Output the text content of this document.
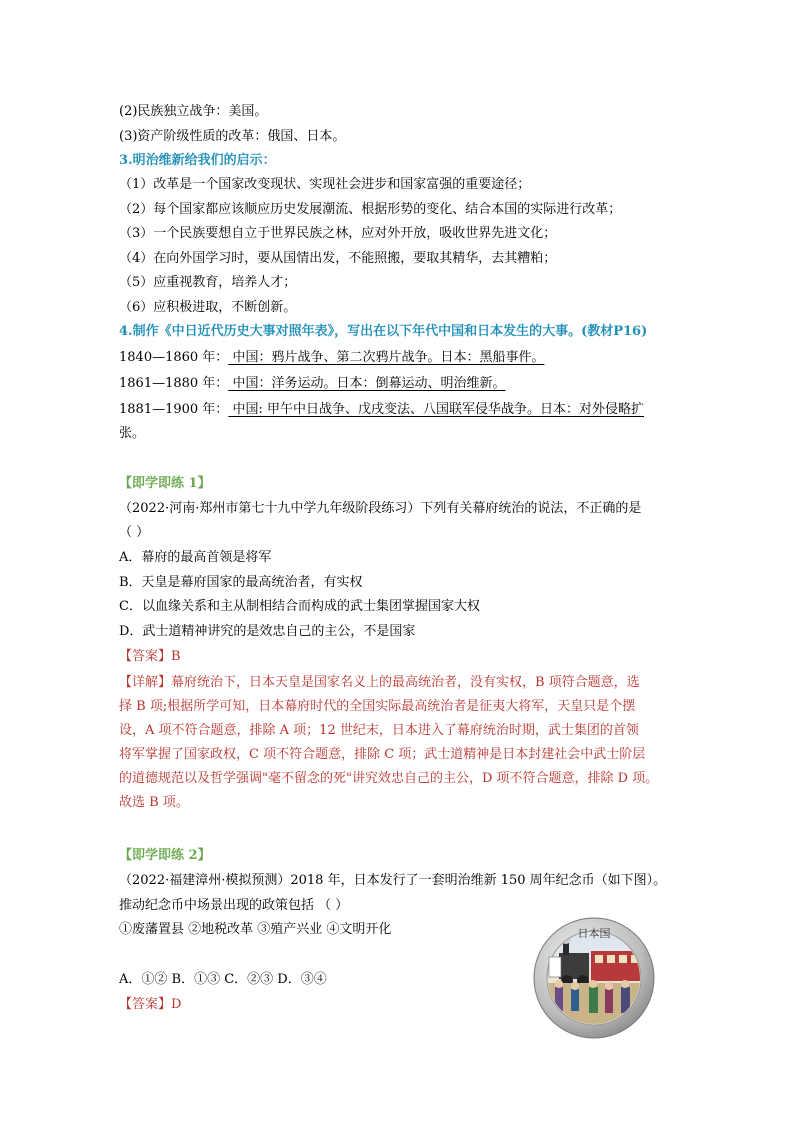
(2)民族独立战争：美国。
(3)资产阶级性质的改革：俄国、日本。
3.明治维新给我们的启示：
（1）改革是一个国家改变现状、实现社会进步和国家富强的重要途径；
（2）每个国家都应该顺应历史发展潮流、根据形势的变化、结合本国的实际进行改革；
（3）一个民族要想自立于世界民族之林，应对外开放，吸收世界先进文化；
（4）在向外国学习时，要从国情出发，不能照搬，要取其精华，去其糟粕；
（5）应重视教育，培养人才；
（6）应积极进取，不断创新。
4.制作《中日近代历史大事对照年表》，写出在以下年代中国和日本发生的大事。(教材P16)
1840—1860 年： 中国：鸦片战争、第二次鸦片战争。日本：黑船事件。
1861—1880 年： 中国：洋务运动。日本：倒幕运动、明治维新。
1881—1900 年： 中国: 甲午中日战争、戊戌变法、八国联军侵华战争。日本：对外侵略扩
张。
【即学即练 1】
（2022·河南·郑州市第七十九中学九年级阶段练习）下列有关幕府统治的说法，不正确的是
（ ）
A．幕府的最高首领是将军
B．天皇是幕府国家的最高统治者，有实权
C．以血缘关系和主从制相结合而构成的武士集团掌握国家大权
D．武士道精神讲究的是效忠自己的主公，不是国家
【答案】B
【详解】幕府统治下，日本天皇是国家名义上的最高统治者，没有实权，B 项符合题意，选
择 B 项;根据所学可知，日本幕府时代的全国实际最高统治者是征夷大将军，天皇只是个摆
设，A 项不符合题意，排除 A 项；12 世纪末，日本进入了幕府统治时期，武士集团的首领
将军掌握了国家政权，C 项不符合题意，排除 C 项；武士道精神是日本封建社会中武士阶层
的道德规范以及哲学强调"毫不留念的死"讲究效忠自己的主公，D 项不符合题意，排除 D 项。
故选 B 项。
【即学即练 2】
（2022·福建漳州·模拟预测）2018 年，日本发行了一套明治维新 150 周年纪念币（如下图）。
推动纪念币中场景出现的政策包括 （ ）
①废藩置县 ②地税改革 ③殖产兴业 ④文明开化
A．①② B．①③ C．②③ D．③④
【答案】D
日本国
